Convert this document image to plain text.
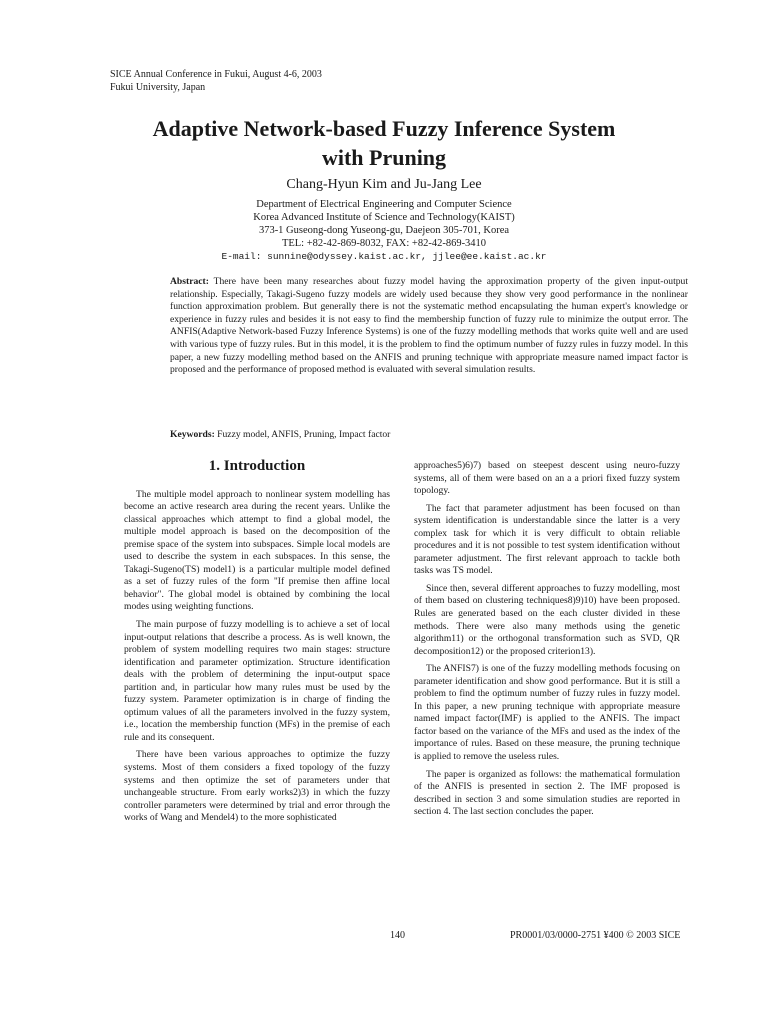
SICE Annual Conference in Fukui, August 4-6, 2003
Fukui University, Japan
Adaptive Network-based Fuzzy Inference System
with Pruning
Chang-Hyun Kim and Ju-Jang Lee
Department of Electrical Engineering and Computer Science
Korea Advanced Institute of Science and Technology(KAIST)
373-1 Guseong-dong Yuseong-gu, Daejeon 305-701, Korea
TEL: +82-42-869-8032, FAX: +82-42-869-3410
E-mail: sunnine@odyssey.kaist.ac.kr, jjlee@ee.kaist.ac.kr
Abstract: There have been many researches about fuzzy model having the approximation property of the given input-output relationship. Especially, Takagi-Sugeno fuzzy models are widely used because they show very good performance in the nonlinear function approximation problem. But generally there is not the systematic method encapsulating the human expert's knowledge or experience in fuzzy rules and besides it is not easy to find the membership function of fuzzy rule to minimize the output error. The ANFIS(Adaptive Network-based Fuzzy Inference Systems) is one of the fuzzy modelling methods that works quite well and are used with various type of fuzzy rules. But in this model, it is the problem to find the optimum number of fuzzy rules in fuzzy model. In this paper, a new fuzzy modelling method based on the ANFIS and pruning technique with appropriate measure named impact factor is proposed and the performance of proposed method is evaluated with several simulation results.
Keywords: Fuzzy model, ANFIS, Pruning, Impact factor
1. Introduction

The multiple model approach to nonlinear system modelling has become an active research area during the recent years. Unlike the classical approaches which attempt to find a global model, the multiple model approach is based on the decomposition of the premise space of the system into subspaces. Simple local models are used to describe the system in each subspaces. In this sense, the Takagi-Sugeno(TS) model1) is a particular multiple model defined as a set of fuzzy rules of the form "If premise then affine local behavior". The global model is obtained by combining the local modes using weighting functions.

The main purpose of fuzzy modelling is to achieve a set of local input-output relations that describe a process. As is well known, the problem of system modelling requires two main stages: structure identification and parameter optimization. Structure identification deals with the problem of determining the input-output space partition and, in particular how many rules must be used by the fuzzy system. Parameter optimization is in charge of finding the optimum values of all the parameters involved in the fuzzy system, i.e., location the membership function (MFs) in the premise of each rule and its consequent.

There have been various approaches to optimize the fuzzy systems. Most of them considers a fixed topology of the fuzzy systems and then optimize the set of parameters under that unchangeable structure. From early works2)3) in which the fuzzy controller parameters were determined by trial and error through the works of Wang and Mendel4) to the more sophisticated

approaches5)6)7) based on steepest descent using neuro-fuzzy systems, all of them were based on an a a priori fixed fuzzy system topology.

The fact that parameter adjustment has been focused on than system identification is understandable since the latter is a very complex task for which it is very difficult to obtain reliable procedures and it is not possible to test system identification without parameter adjustment. The first relevant approach to tackle both tasks was TS model.

Since then, several different approaches to fuzzy modelling, most of them based on clustering techniques8)9)10) have been proposed. Rules are generated based on the each cluster divided in these methods. There were also many methods using the genetic algorithm11) or the orthogonal transformation such as SVD, QR decomposition12) or the proposed criterion13).

The ANFIS7) is one of the fuzzy modelling methods focusing on parameter identification and show good performance. But it is still a problem to find the optimum number of fuzzy rules in fuzzy model. In this paper, a new pruning technique with appropriate measure named impact factor(IMF) is applied to the ANFIS. The impact factor based on the variance of the MFs and used as the index of the importance of rules. Based on these measure, the pruning technique is applied to remove the useless rules.

The paper is organized as follows: the mathematical formulation of the ANFIS is presented in section 2. The IMF proposed is described in section 3 and some simulation studies are reported in section 4. The last section concludes the paper.

140	PR0001/03/0000-2751 ¥400 © 2003 SICE
